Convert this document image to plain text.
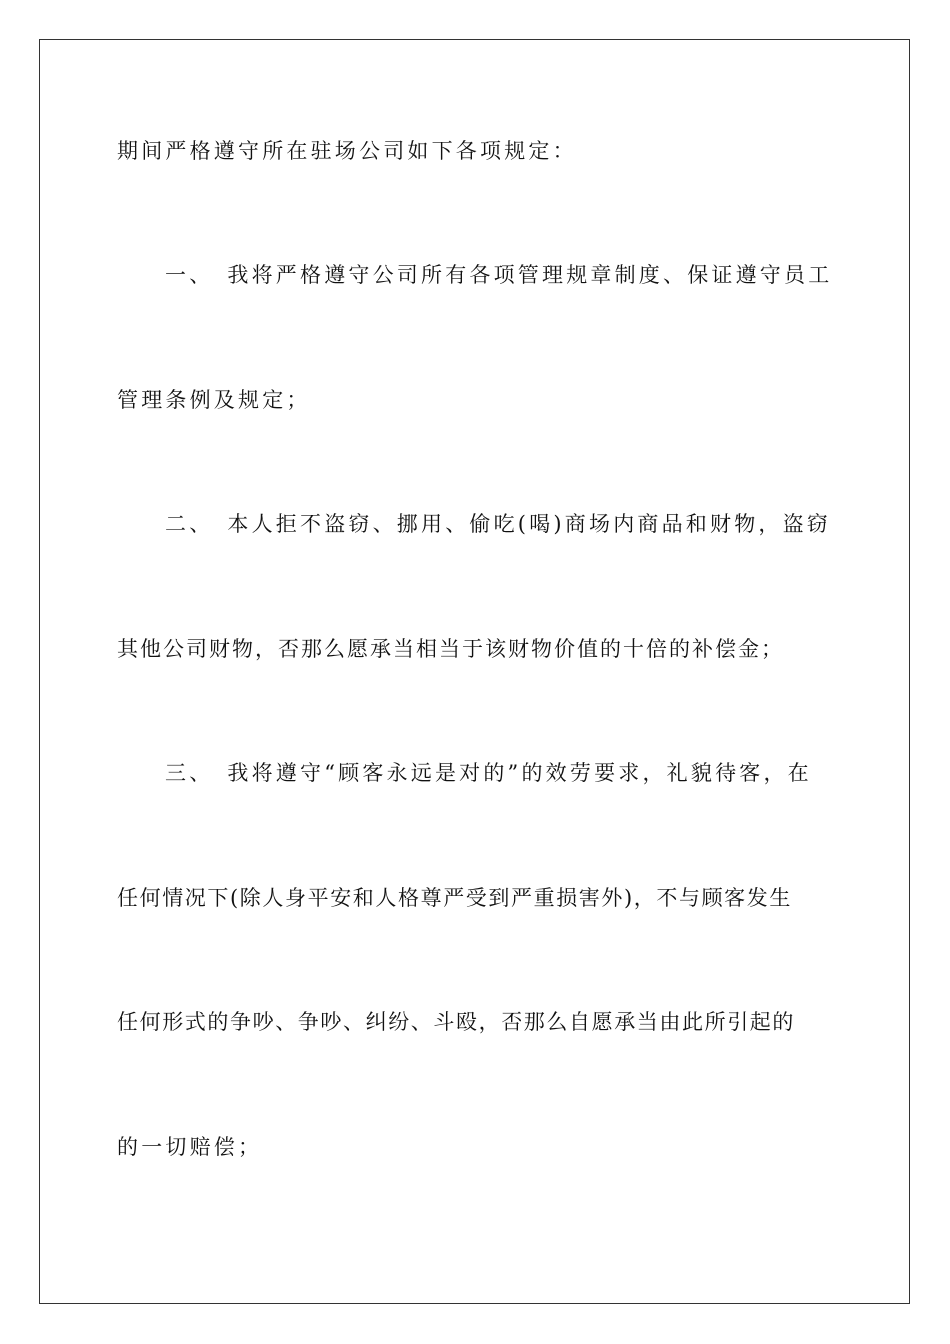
期间严格遵守所在驻场公司如下各项规定：
一、 我将严格遵守公司所有各项管理规章制度、保证遵守员工
管理条例及规定；
二、 本人拒不盗窃、挪用、偷吃(喝)商场内商品和财物，盗窃
其他公司财物，否那么愿承当相当于该财物价值的十倍的补偿金；
三、 我将遵守“顾客永远是对的”的效劳要求，礼貌待客，在
任何情况下(除人身平安和人格尊严受到严重损害外)，不与顾客发生
任何形式的争吵、争吵、纠纷、斗殴，否那么自愿承当由此所引起的
的一切赔偿；
